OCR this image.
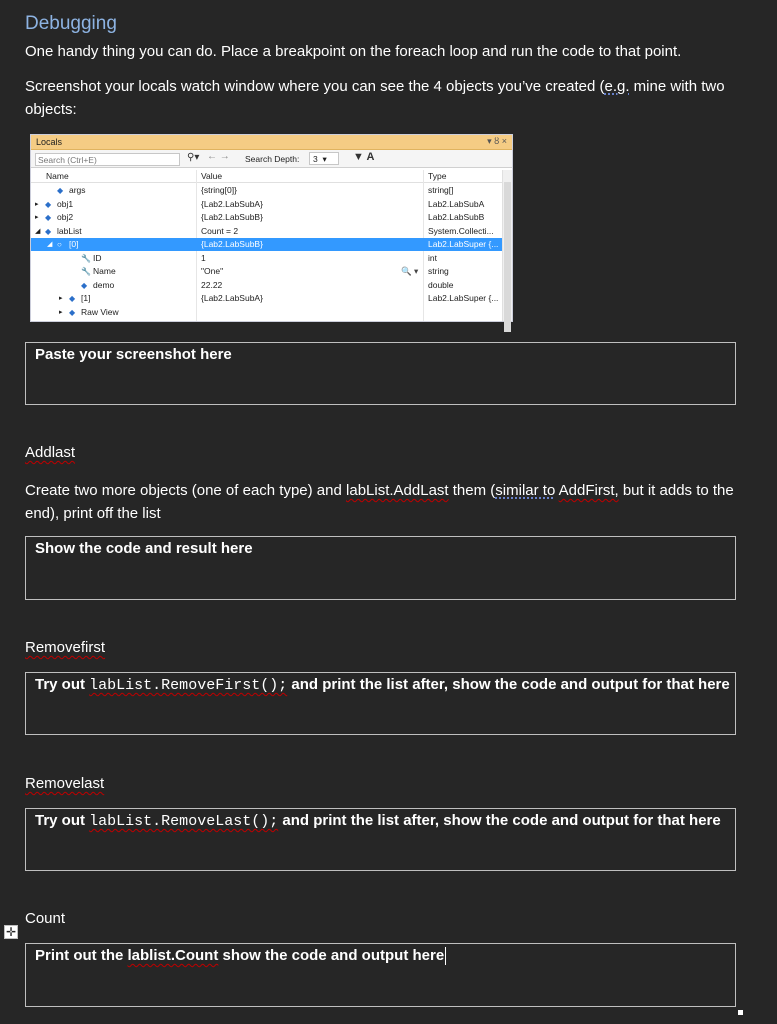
Debugging
One handy thing you can do. Place a breakpoint on the foreach loop and run the code to that point.
Screenshot your locals watch window where you can see the 4 objects you’ve created (e.g. mine with two objects:
Locals	▾ ȣ ×
Search (Ctrl+E)	⚲▾ ← → Search Depth:	3  ▾	▼ A
Name	Value	Type
◆ args	{string[0]}	string[]
▸ ◆ obj1	{Lab2.LabSubA}	Lab2.LabSubA
▸ ◆ obj2	{Lab2.LabSubB}	Lab2.LabSubB
◢ ◆ labList	Count = 2	System.Collecti...
◢ ○ [0]	{Lab2.LabSubB}	Lab2.LabSuper {...
🔧 ID	1	int
🔧 Name	"One"	🔍 ▾ string
◆ demo	22.22	double
▸ ◆ [1]	{Lab2.LabSubA}	Lab2.LabSuper {...
▸ ◆ Raw View
Paste your screenshot here
Addlast
Create two more objects (one of each type) and labList.AddLast them (similar to AddFirst, but it adds to the end), print off the list
Show the code and result here
Removefirst
Try out labList.RemoveFirst(); and print the list after, show the code and output for that here
Removelast
Try out labList.RemoveLast(); and print the list after, show the code and output for that here
Count
✛
Print out the lablist.Count show the code and output here
